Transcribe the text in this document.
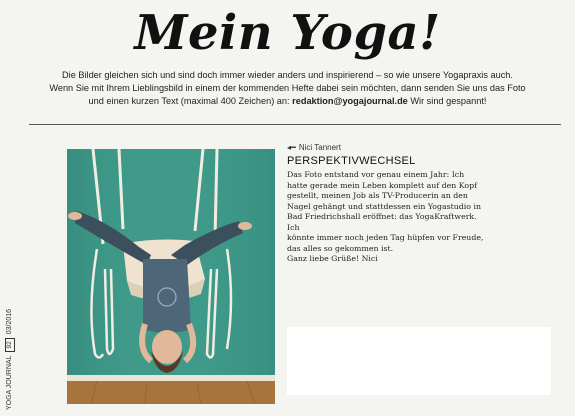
Mein Yoga!
Die Bilder gleichen sich und sind doch immer wieder anders und inspirierend – so wie unsere Yogapraxis auch.
Wenn Sie mit Ihrem Lieblingsbild in einem der kommenden Hefte dabei sein möchten, dann senden Sie uns das Foto
und einen kurzen Text (maximal 400 Zeichen) an: redaktion@yogajournal.de Wir sind gespannt!
YOGA JOURNAL
92
03/2016
◂━ Nici Tannert
PERSPEKTIVWECHSEL
Das Foto entstand vor genau einem Jahr: Ich
hatte gerade mein Leben komplett auf den Kopf
gestellt, meinen Job als TV-Producerin an den
Nagel gehängt und stattdessen ein Yogastudio in
Bad Friedrichshall eröffnet: das YogaKraftwerk. Ich
könnte immer noch jeden Tag hüpfen vor Freude,
das alles so gekommen ist.
Ganz liebe Grüße! Nici
